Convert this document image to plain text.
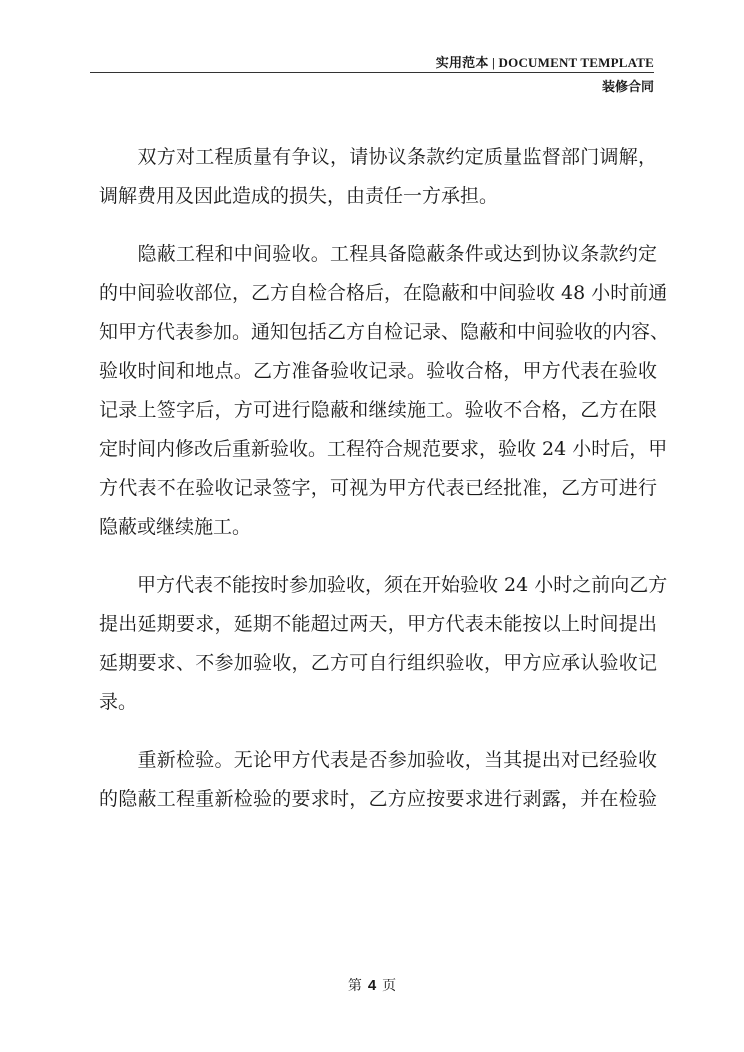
实用范本 | DOCUMENT TEMPLATE
装修合同
　　双方对工程质量有争议，请协议条款约定质量监督部门调解，
调解费用及因此造成的损失，由责任一方承担。
　　隐蔽工程和中间验收。工程具备隐蔽条件或达到协议条款约定
的中间验收部位，乙方自检合格后，在隐蔽和中间验收 48 小时前通
知甲方代表参加。通知包括乙方自检记录、隐蔽和中间验收的内容、
验收时间和地点。乙方准备验收记录。验收合格，甲方代表在验收
记录上签字后，方可进行隐蔽和继续施工。验收不合格，乙方在限
定时间内修改后重新验收。工程符合规范要求，验收 24 小时后，甲
方代表不在验收记录签字，可视为甲方代表已经批准，乙方可进行
隐蔽或继续施工。
　　甲方代表不能按时参加验收，须在开始验收 24 小时之前向乙方
提出延期要求，延期不能超过两天，甲方代表未能按以上时间提出
延期要求、不参加验收，乙方可自行组织验收，甲方应承认验收记
录。
　　重新检验。无论甲方代表是否参加验收，当其提出对已经验收
的隐蔽工程重新检验的要求时，乙方应按要求进行剥露，并在检验
第 4 页
